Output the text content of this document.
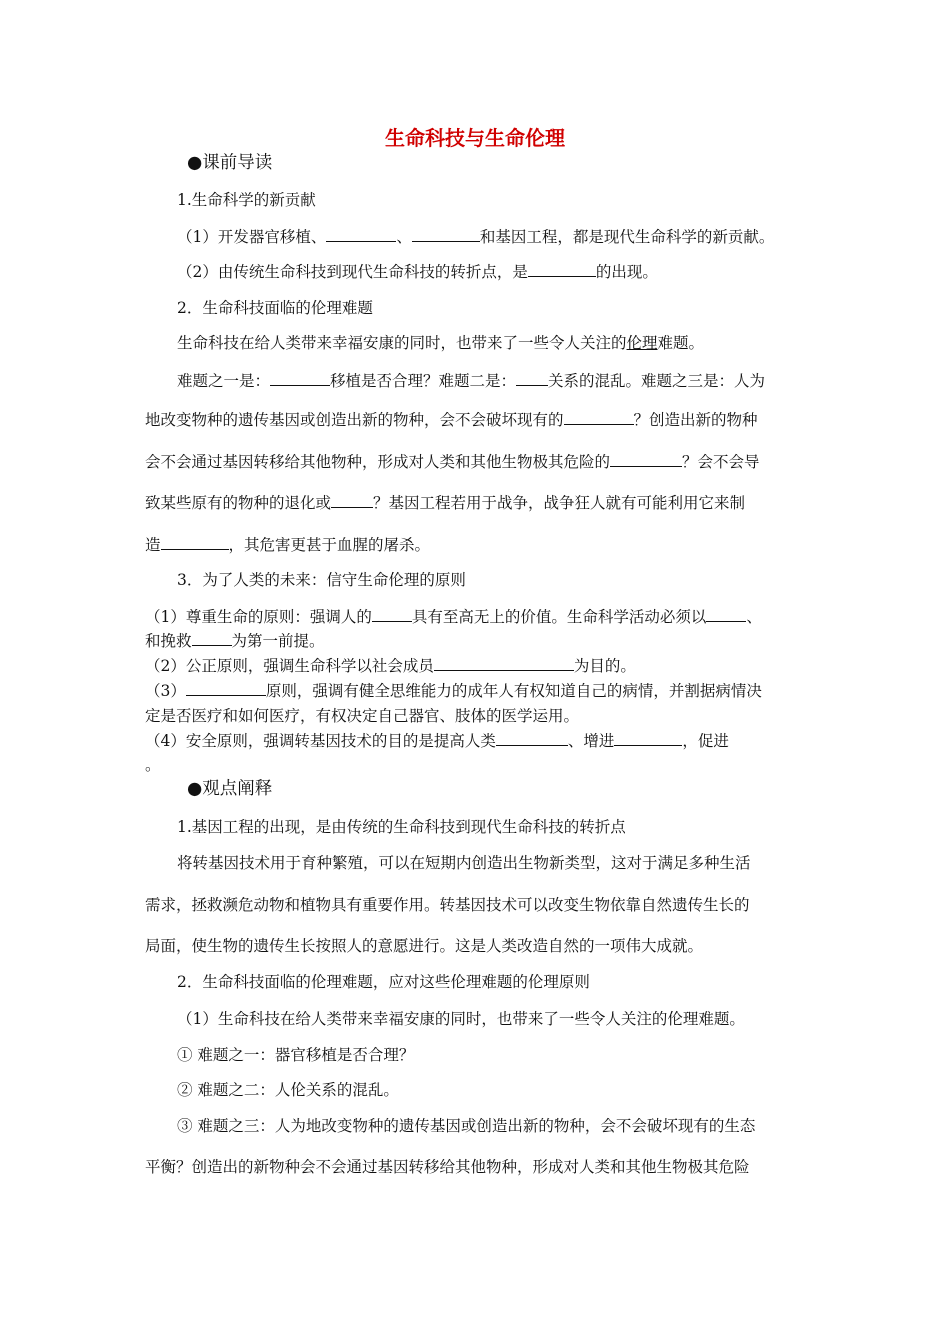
生命科技与生命伦理
●课前导读
1.生命科学的新贡献
（1）开发器官移植、	、	和基因工程，都是现代生命科学的新贡献。
（2）由传统生命科技到现代生命科技的转折点，是	的出现。
2．生命科技面临的伦理难题
生命科技在给人类带来幸福安康的同时，也带来了一些令人关注的伦理难题。
难题之一是：	移植是否合理？难题二是： 关系的混乱。难题之三是：人为
地改变物种的遗传基因或创造出新的物种，会不会破坏现有的	？创造出新的物种
会不会通过基因转移给其他物种，形成对人类和其他生物极其危险的	？会不会导
致某些原有的物种的退化或	？基因工程若用于战争，战争狂人就有可能利用它来制
造	，其危害更甚于血腥的屠杀。
3．为了人类的未来：信守生命伦理的原则
（1）尊重生命的原则：强调人的	具有至高无上的价值。生命科学活动必须以	、
和挽救	为第一前提。
（2）公正原则，强调生命科学以社会成员	为目的。
（3）	原则，强调有健全思维能力的成年人有权知道自己的病情，并割据病情决
定是否医疗和如何医疗，有权决定自己器官、肢体的医学运用。
（4）安全原则，强调转基因技术的目的是提高人类	、增进	，促进
。
●观点阐释
1.基因工程的出现，是由传统的生命科技到现代生命科技的转折点
将转基因技术用于育种繁殖，可以在短期内创造出生物新类型，这对于满足多种生活
需求，拯救濒危动物和植物具有重要作用。转基因技术可以改变生物依靠自然遗传生长的
局面，使生物的遗传生长按照人的意愿进行。这是人类改造自然的一项伟大成就。
2．生命科技面临的伦理难题，应对这些伦理难题的伦理原则
（1）生命科技在给人类带来幸福安康的同时，也带来了一些令人关注的伦理难题。
① 难题之一：器官移植是否合理？
② 难题之二：人伦关系的混乱。
③ 难题之三：人为地改变物种的遗传基因或创造出新的物种，会不会破坏现有的生态
平衡？创造出的新物种会不会通过基因转移给其他物种，形成对人类和其他生物极其危险
